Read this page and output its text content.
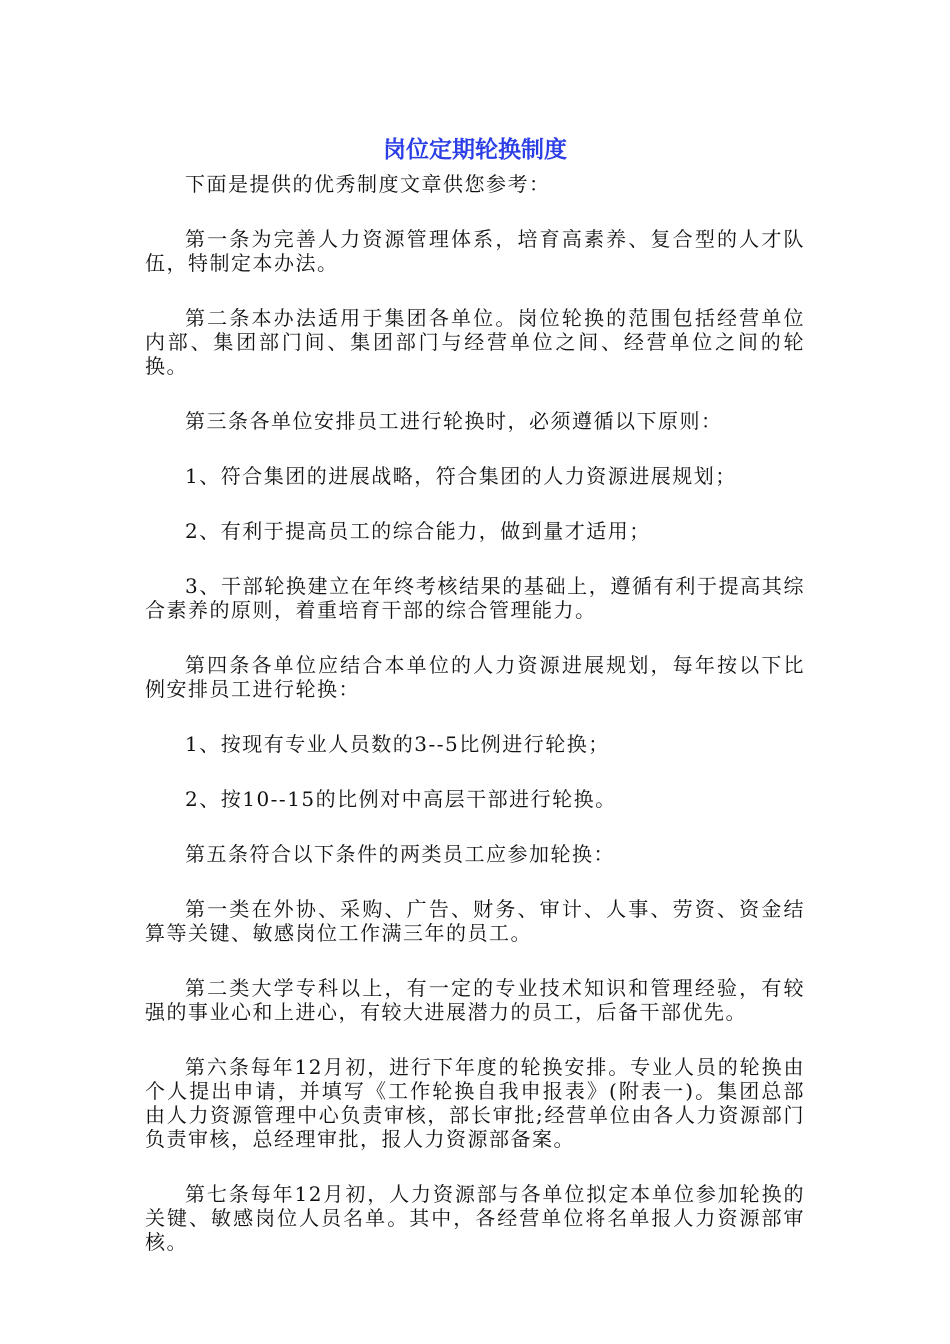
岗位定期轮换制度

下面是提供的优秀制度文章供您参考：

第一条为完善人力资源管理体系，培育高素养、复合型的人才队伍，特制定本办法。

第二条本办法适用于集团各单位。岗位轮换的范围包括经营单位内部、集团部门间、集团部门与经营单位之间、经营单位之间的轮换。

第三条各单位安排员工进行轮换时，必须遵循以下原则：

1、符合集团的进展战略，符合集团的人力资源进展规划；

2、有利于提高员工的综合能力，做到量才适用；

3、干部轮换建立在年终考核结果的基础上，遵循有利于提高其综合素养的原则，着重培育干部的综合管理能力。

第四条各单位应结合本单位的人力资源进展规划，每年按以下比例安排员工进行轮换：

1、按现有专业人员数的3--5比例进行轮换；

2、按10--15的比例对中高层干部进行轮换。

第五条符合以下条件的两类员工应参加轮换：

第一类在外协、采购、广告、财务、审计、人事、劳资、资金结算等关键、敏感岗位工作满三年的员工。

第二类大学专科以上，有一定的专业技术知识和管理经验，有较强的事业心和上进心，有较大进展潜力的员工，后备干部优先。

第六条每年12月初，进行下年度的轮换安排。专业人员的轮换由个人提出申请，并填写《工作轮换自我申报表》(附表一)。集团总部由人力资源管理中心负责审核，部长审批;经营单位由各人力资源部门负责审核，总经理审批，报人力资源部备案。

第七条每年12月初，人力资源部与各单位拟定本单位参加轮换的关键、敏感岗位人员名单。其中，各经营单位将名单报人力资源部审核。
